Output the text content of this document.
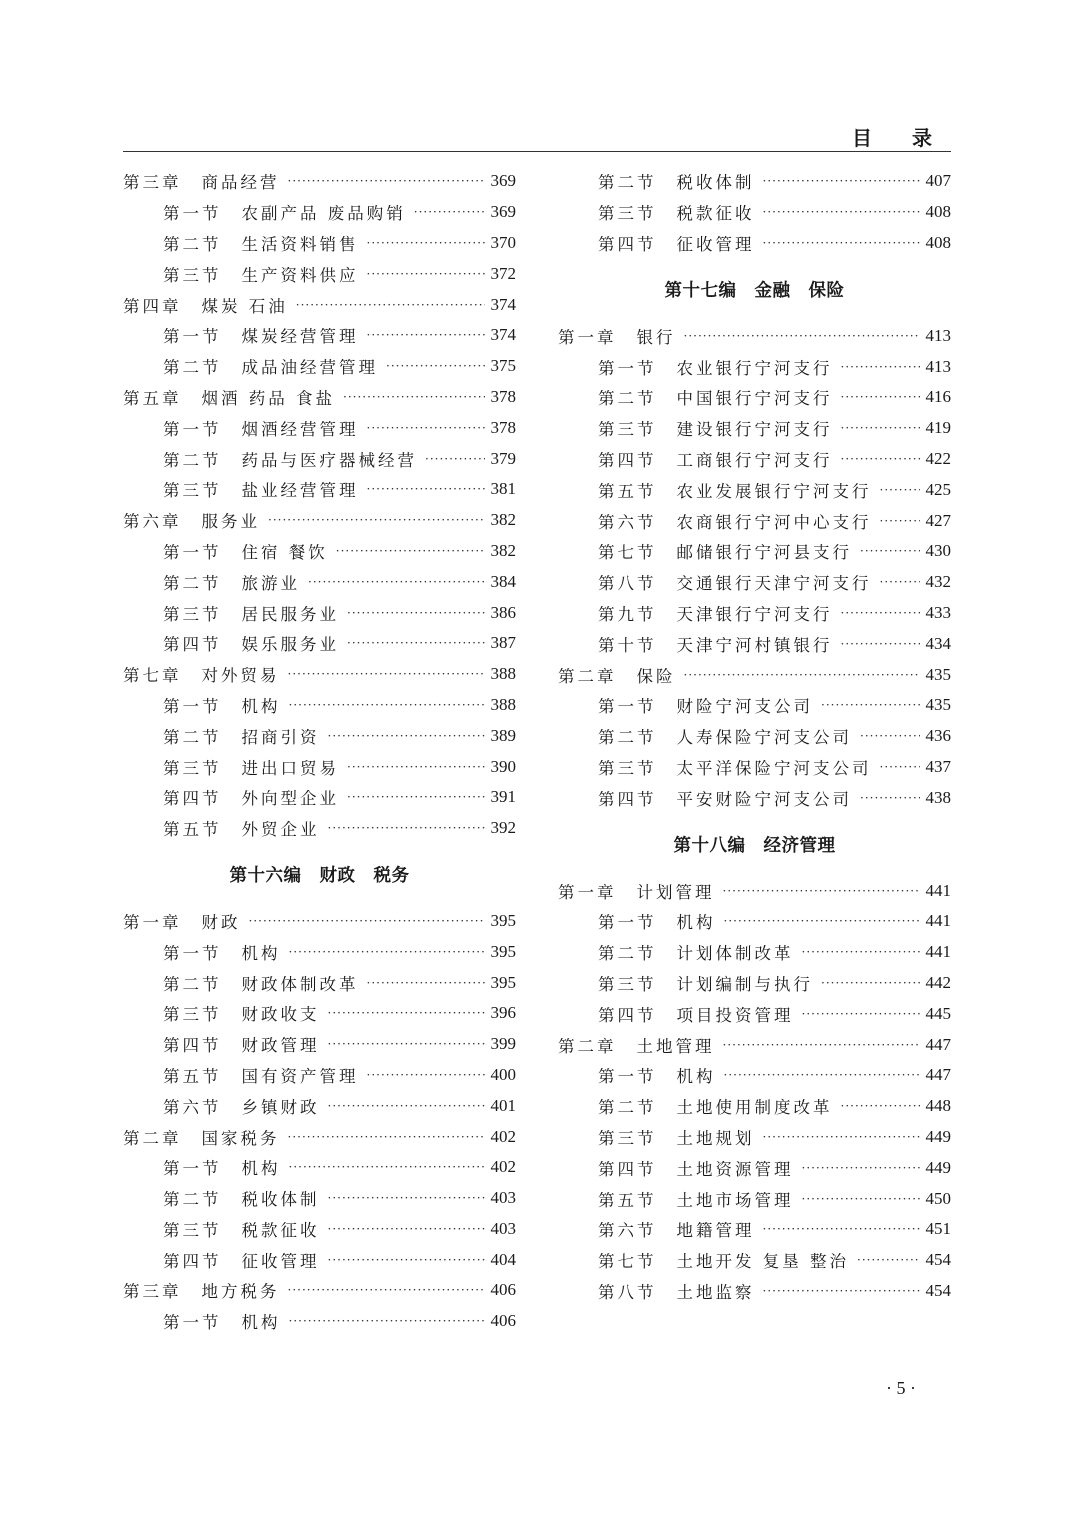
目 录
第三章 商品经营 ·····	369
第一节 农副产品 废品购销 ·····	369
第二节 生活资料销售 ·····	370
第三节 生产资料供应 ·····	372
第四章 煤炭 石油 ·····	374
第一节 煤炭经营管理 ·····	374
第二节 成品油经营管理 ·····	375
第五章 烟酒 药品 食盐 ·····	378
第一节 烟酒经营管理 ·····	378
第二节 药品与医疗器械经营 ·····	379
第三节 盐业经营管理 ·····	381
第六章 服务业 ·····	382
第一节 住宿 餐饮 ·····	382
第二节 旅游业 ·····	384
第三节 居民服务业 ·····	386
第四节 娱乐服务业 ·····	387
第七章 对外贸易 ·····	388
第一节 机构 ·····	388
第二节 招商引资 ·····	389
第三节 进出口贸易 ·····	390
第四节 外向型企业 ·····	391
第五节 外贸企业 ·····	392
第十六编　财政　税务
第一章 财政 ·····	395
第一节 机构 ·····	395
第二节 财政体制改革 ·····	395
第三节 财政收支 ·····	396
第四节 财政管理 ·····	399
第五节 国有资产管理 ·····	400
第六节 乡镇财政 ·····	401
第二章 国家税务 ·····	402
第一节 机构 ·····	402
第二节 税收体制 ·····	403
第三节 税款征收 ·····	403
第四节 征收管理 ·····	404
第三章 地方税务 ·····	406
第一节 机构 ·····	406
第二节 税收体制 ·····	407
第三节 税款征收 ·····	408
第四节 征收管理 ·····	408
第十七编　金融　保险
第一章 银行 ·····	413
第一节 农业银行宁河支行 ·····	413
第二节 中国银行宁河支行 ·····	416
第三节 建设银行宁河支行 ·····	419
第四节 工商银行宁河支行 ·····	422
第五节 农业发展银行宁河支行 ·····	425
第六节 农商银行宁河中心支行 ·····	427
第七节 邮储银行宁河县支行 ·····	430
第八节 交通银行天津宁河支行 ·····	432
第九节 天津银行宁河支行 ·····	433
第十节 天津宁河村镇银行 ·····	434
第二章 保险 ·····	435
第一节 财险宁河支公司 ·····	435
第二节 人寿保险宁河支公司 ·····	436
第三节 太平洋保险宁河支公司 ·····	437
第四节 平安财险宁河支公司 ·····	438
第十八编　经济管理
第一章 计划管理 ·····	441
第一节 机构 ·····	441
第二节 计划体制改革 ·····	441
第三节 计划编制与执行 ·····	442
第四节 项目投资管理 ·····	445
第二章 土地管理 ·····	447
第一节 机构 ·····	447
第二节 土地使用制度改革 ·····	448
第三节 土地规划 ·····	449
第四节 土地资源管理 ·····	449
第五节 土地市场管理 ·····	450
第六节 地籍管理 ·····	451
第七节 土地开发 复垦 整治 ·····	454
第八节 土地监察 ·····	454
· 5 ·
